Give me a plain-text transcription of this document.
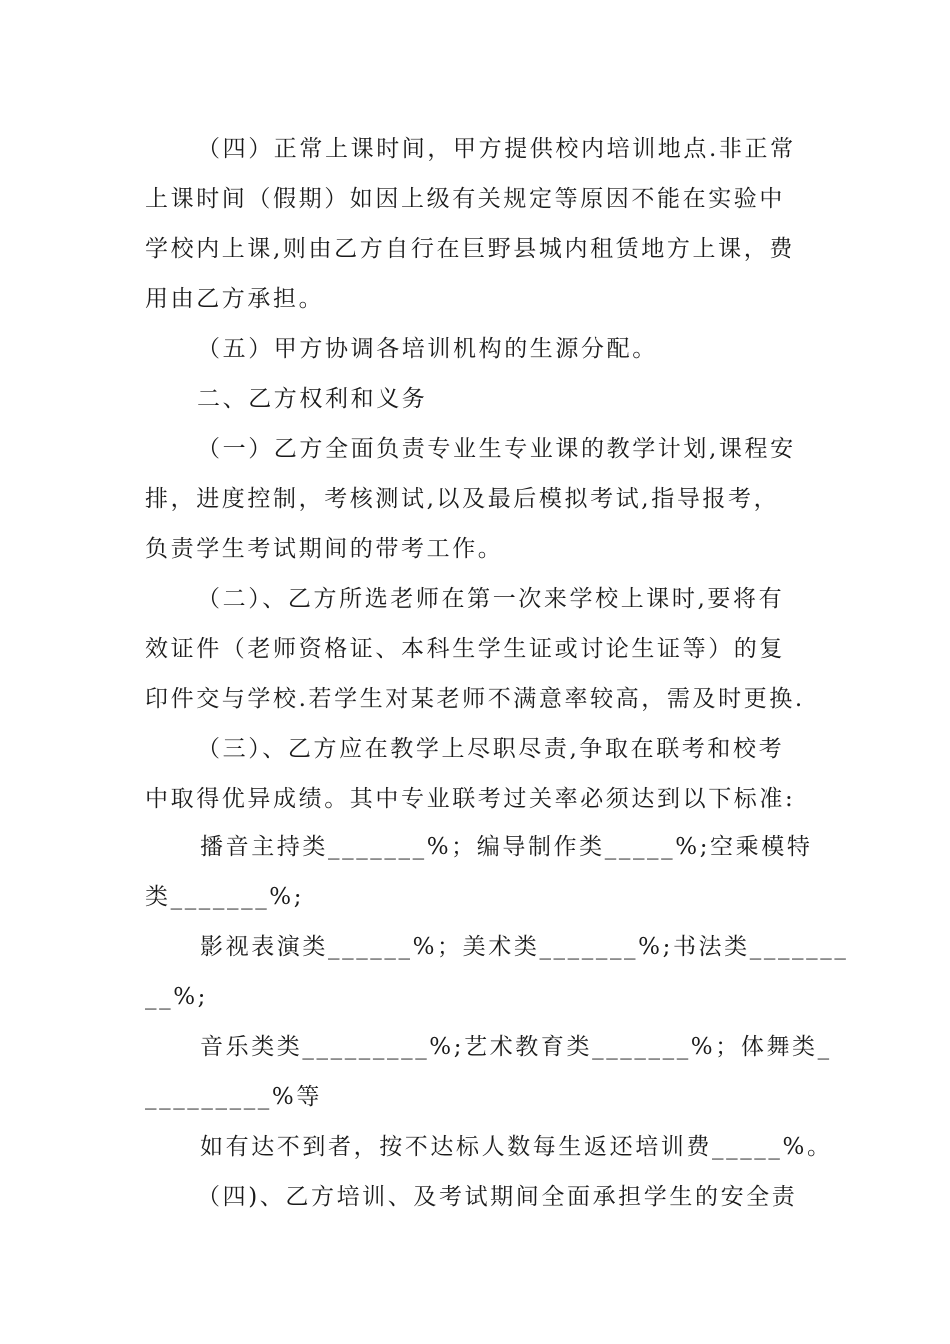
（四）正常上课时间，甲方提供校内培训地点.非正常
上课时间（假期）如因上级有关规定等原因不能在实验中
学校内上课,则由乙方自行在巨野县城内租赁地方上课，费
用由乙方承担。
（五）甲方协调各培训机构的生源分配。
二、乙方权利和义务
（一）乙方全面负责专业生专业课的教学计划,课程安
排，进度控制，考核测试,以及最后模拟考试,指导报考，
负责学生考试期间的带考工作。
（二）、乙方所选老师在第一次来学校上课时,要将有
效证件（老师资格证、本科生学生证或讨论生证等）的复
印件交与学校.若学生对某老师不满意率较高，需及时更换.
（三）、乙方应在教学上尽职尽责,争取在联考和校考
中取得优异成绩。其中专业联考过关率必须达到以下标准:
播音主持类_______%；编导制作类_____%;空乘模特
类_______%;
影视表演类______%；美术类_______%;书法类_______
__%;
音乐类类_________%;艺术教育类_______%；体舞类_
_________%等
如有达不到者，按不达标人数每生返还培训费_____%。
（四)、乙方培训、及考试期间全面承担学生的安全责
